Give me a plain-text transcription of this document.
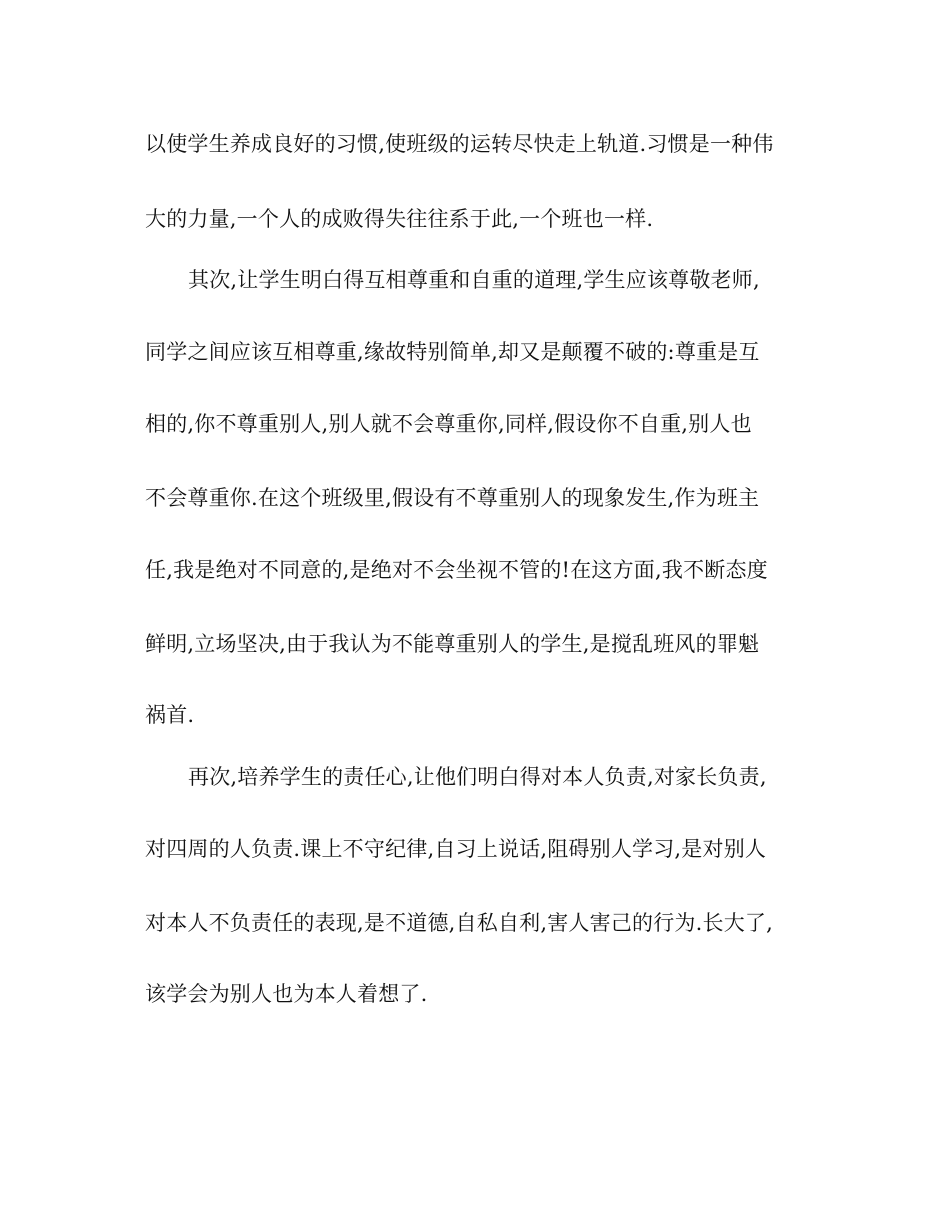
以使学生养成良好的习惯,使班级的运转尽快走上轨道.习惯是一种伟
大的力量,一个人的成败得失往往系于此,一个班也一样.
其次,让学生明白得互相尊重和自重的道理,学生应该尊敬老师,
同学之间应该互相尊重,缘故特别简单,却又是颠覆不破的:尊重是互
相的,你不尊重别人,别人就不会尊重你,同样,假设你不自重,别人也
不会尊重你.在这个班级里,假设有不尊重别人的现象发生,作为班主
任,我是绝对不同意的,是绝对不会坐视不管的!在这方面,我不断态度
鲜明,立场坚决,由于我认为不能尊重别人的学生,是搅乱班风的罪魁
祸首.
再次,培养学生的责任心,让他们明白得对本人负责,对家长负责,
对四周的人负责.课上不守纪律,自习上说话,阻碍别人学习,是对别人
对本人不负责任的表现,是不道德,自私自利,害人害己的行为.长大了,
该学会为别人也为本人着想了.
